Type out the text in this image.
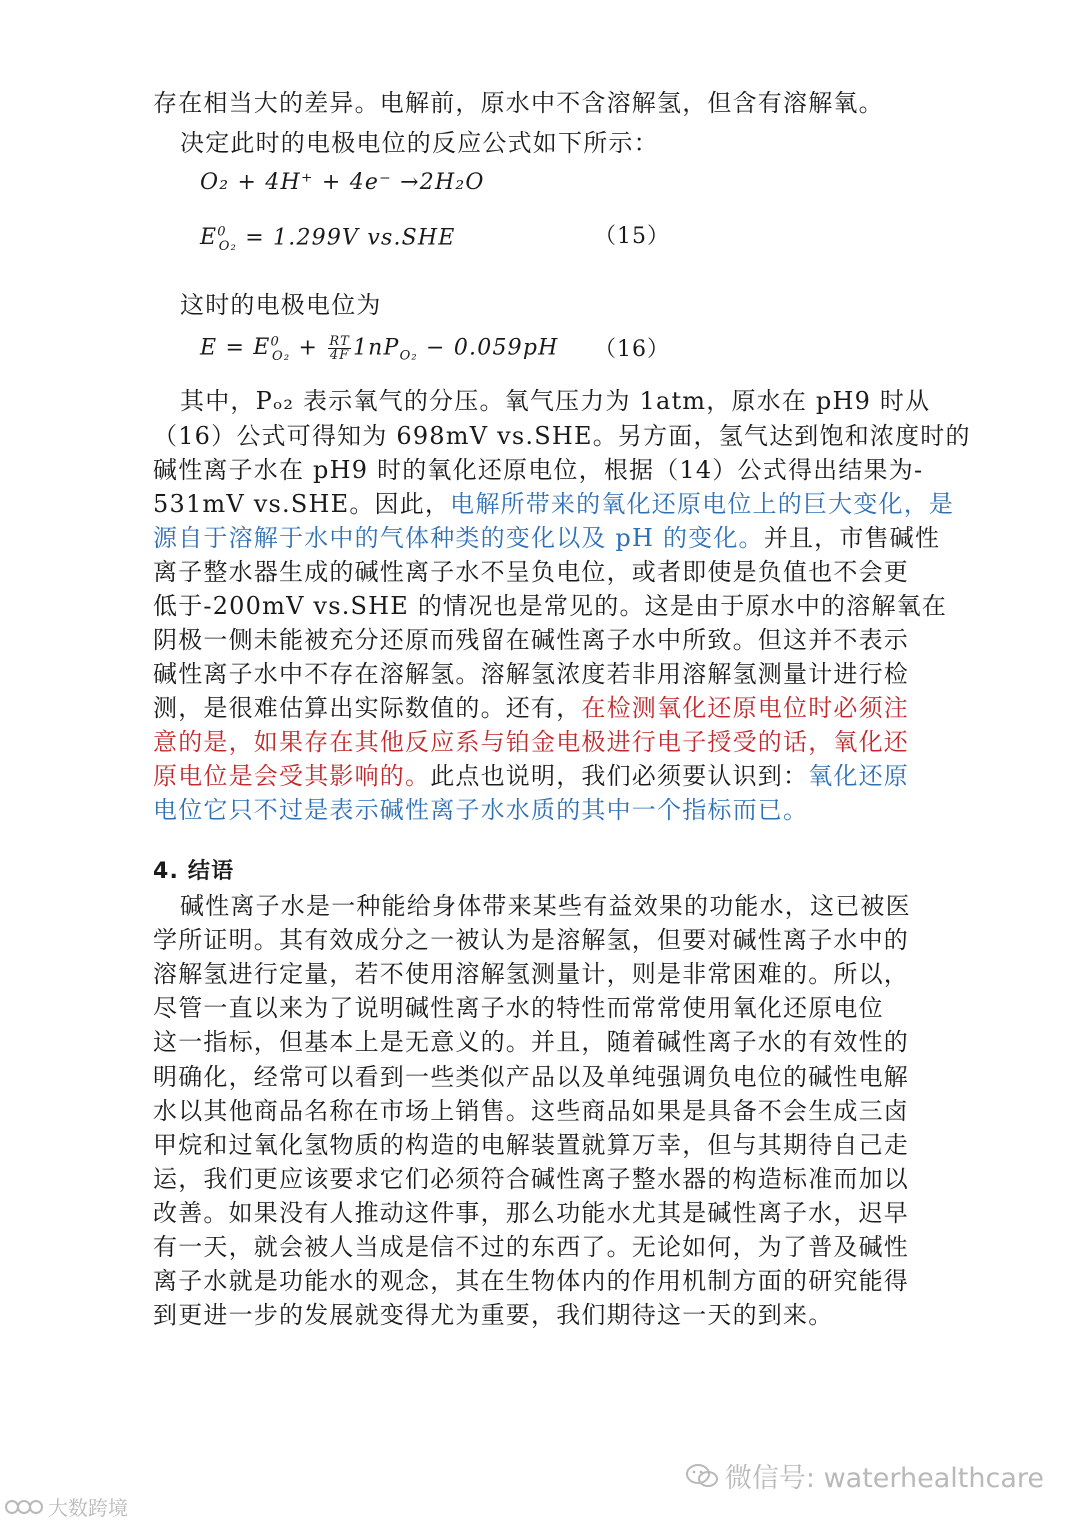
存在相当大的差异。电解前，原水中不含溶解氢，但含有溶解氧。
决定此时的电极电位的反应公式如下所示：
O₂ + 4H⁺ + 4e⁻ →2H₂O
$E^0_{O_2} = 1.299V$ vs.SHE	（15）
这时的电极电位为
$E = E^0_{O_2} + \frac{RT}{4F} 1nP_{O_2} - 0.059pH$ （16）
其中，Pₒ₂ 表示氧气的分压。氧气压力为 1atm，原水在 pH9 时从
（16）公式可得知为 698mV vs.SHE。另方面，氢气达到饱和浓度时的
碱性离子水在 pH9 时的氧化还原电位，根据（14）公式得出结果为-
531mV vs.SHE。因此，电解所带来的氧化还原电位上的巨大变化，是
源自于溶解于水中的气体种类的变化以及 pH 的变化。并且，市售碱性
离子整水器生成的碱性离子水不呈负电位，或者即使是负值也不会更
低于-200mV vs.SHE 的情况也是常见的。这是由于原水中的溶解氧在
阴极一侧未能被充分还原而残留在碱性离子水中所致。但这并不表示
碱性离子水中不存在溶解氢。溶解氢浓度若非用溶解氢测量计进行检
测，是很难估算出实际数值的。还有，在检测氧化还原电位时必须注
意的是，如果存在其他反应系与铂金电极进行电子授受的话，氧化还
原电位是会受其影响的。此点也说明，我们必须要认识到：氧化还原
电位它只不过是表示碱性离子水水质的其中一个指标而已。
4. 结语
碱性离子水是一种能给身体带来某些有益效果的功能水，这已被医
学所证明。其有效成分之一被认为是溶解氢，但要对碱性离子水中的
溶解氢进行定量，若不使用溶解氢测量计，则是非常困难的。所以，
尽管一直以来为了说明碱性离子水的特性而常常使用氧化还原电位
这一指标，但基本上是无意义的。并且，随着碱性离子水的有效性的
明确化，经常可以看到一些类似产品以及单纯强调负电位的碱性电解
水以其他商品名称在市场上销售。这些商品如果是具备不会生成三卤
甲烷和过氧化氢物质的构造的电解装置就算万幸，但与其期待自己走
运，我们更应该要求它们必须符合碱性离子整水器的构造标准而加以
改善。如果没有人推动这件事，那么功能水尤其是碱性离子水，迟早
有一天，就会被人当成是信不过的东西了。无论如何，为了普及碱性
离子水就是功能水的观念，其在生物体内的作用机制方面的研究能得
到更进一步的发展就变得尤为重要，我们期待这一天的到来。
微信号: waterhealthcare
大数跨境
